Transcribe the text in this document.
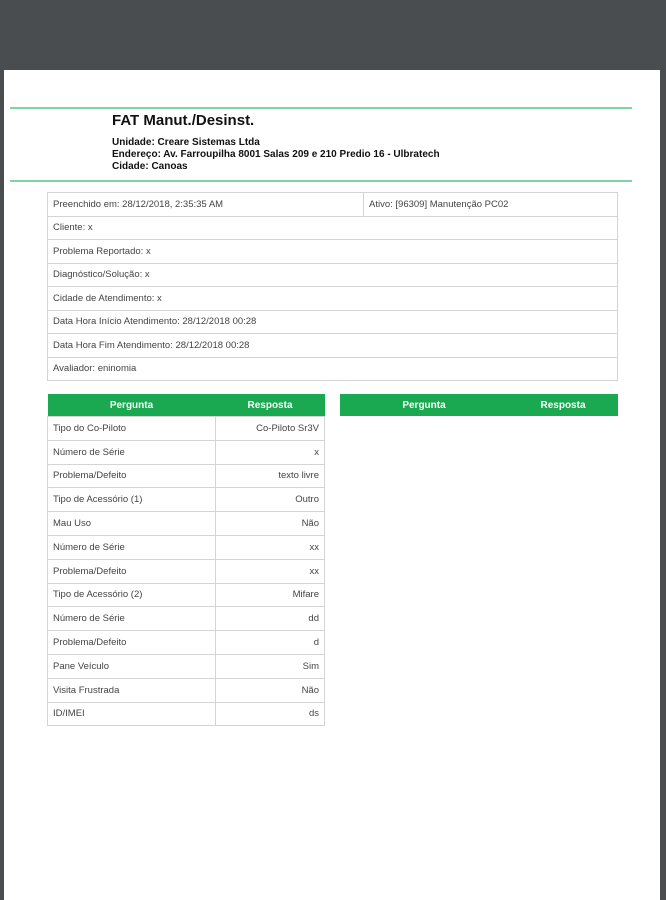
FAT Manut./Desinst.
Unidade: Creare Sistemas Ltda
Endereço: Av. Farroupilha 8001 Salas 209 e 210 Predio 16 - Ulbratech
Cidade: Canoas
Preenchido em: 28/12/2018, 2:35:35 AM	Ativo: [96309] Manutenção PC02
Cliente: x
Problema Reportado: x
Diagnóstico/Solução: x
Cidade de Atendimento: x
Data Hora Início Atendimento: 28/12/2018 00:28
Data Hora Fim Atendimento: 28/12/2018 00:28
Avaliador: eninomia
Pergunta	Resposta
Tipo do Co-Piloto	Co-Piloto Sr3V
Número de Série	x
Problema/Defeito	texto livre
Tipo de Acessório (1)	Outro
Mau Uso	Não
Número de Série	xx
Problema/Defeito	xx
Tipo de Acessório (2)	Mifare
Número de Série	dd
Problema/Defeito	d
Pane Veículo	Sim
Visita Frustrada	Não
ID/IMEI	ds
Pergunta	Resposta
